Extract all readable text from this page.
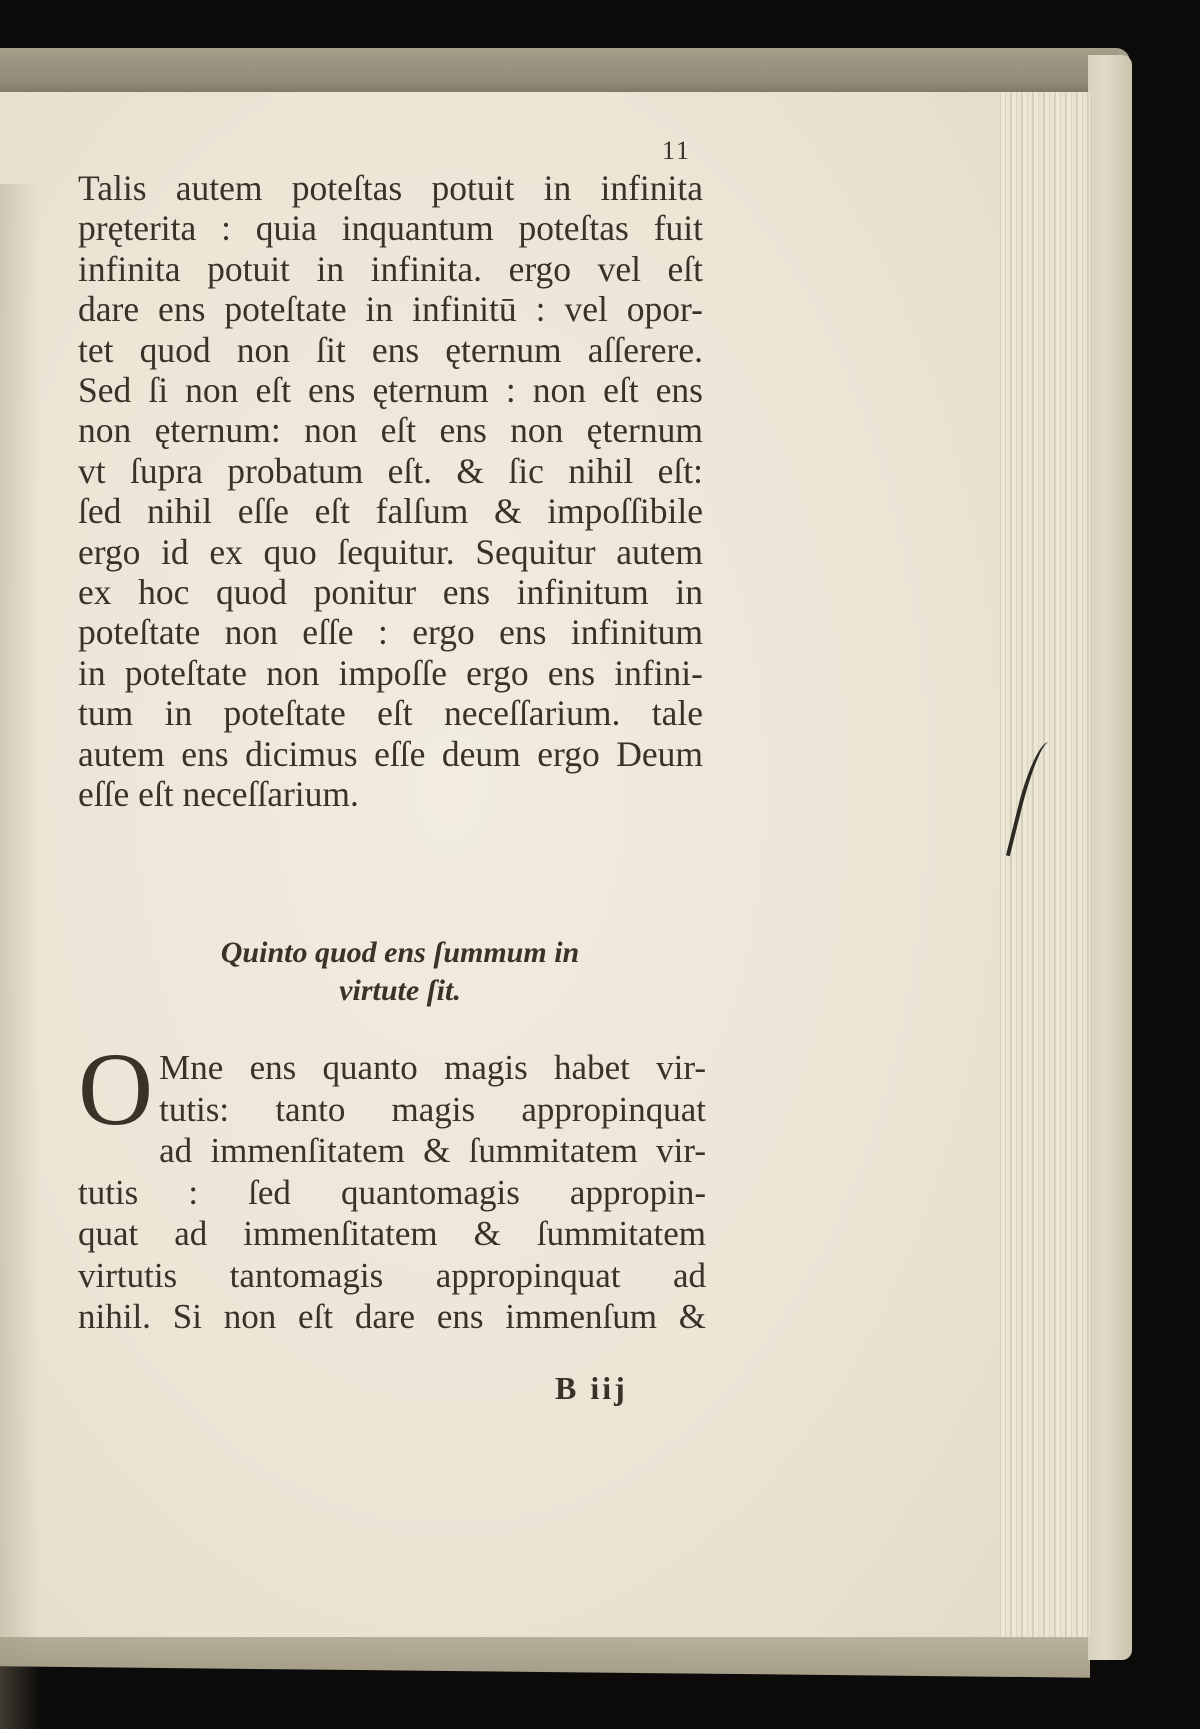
11
Talis autem poteſtas potuit in infinita
pręterita : quia inquantum poteſtas fuit
infinita potuit in infinita. ergo vel eſt
dare ens poteſtate in infinitū : vel opor-
tet quod non ſit ens ęternum aſſerere.
Sed ſi non eſt ens ęternum : non eſt ens
non ęternum: non eſt ens non ęternum
vt ſupra probatum eſt. & ſic nihil eſt:
ſed nihil eſſe eſt falſum & impoſſibile
ergo id ex quo ſequitur. Sequitur autem
ex hoc quod ponitur ens infinitum in
poteſtate non eſſe : ergo ens infinitum
in poteſtate non impoſſe ergo ens infini-
tum in poteſtate eſt neceſſarium. tale
autem ens dicimus eſſe deum ergo Deum
eſſe eſt neceſſarium.
Quinto quod ens ſummum in
virtute ſit.
O Mne ens quanto magis habet vir-
tutis: tanto magis appropinquat
ad immenſitatem & ſummitatem vir-
tutis : ſed quantomagis appropin-
quat ad immenſitatem & ſummitatem
virtutis tantomagis appropinquat ad
nihil. Si non eſt dare ens immenſum &
B iij
